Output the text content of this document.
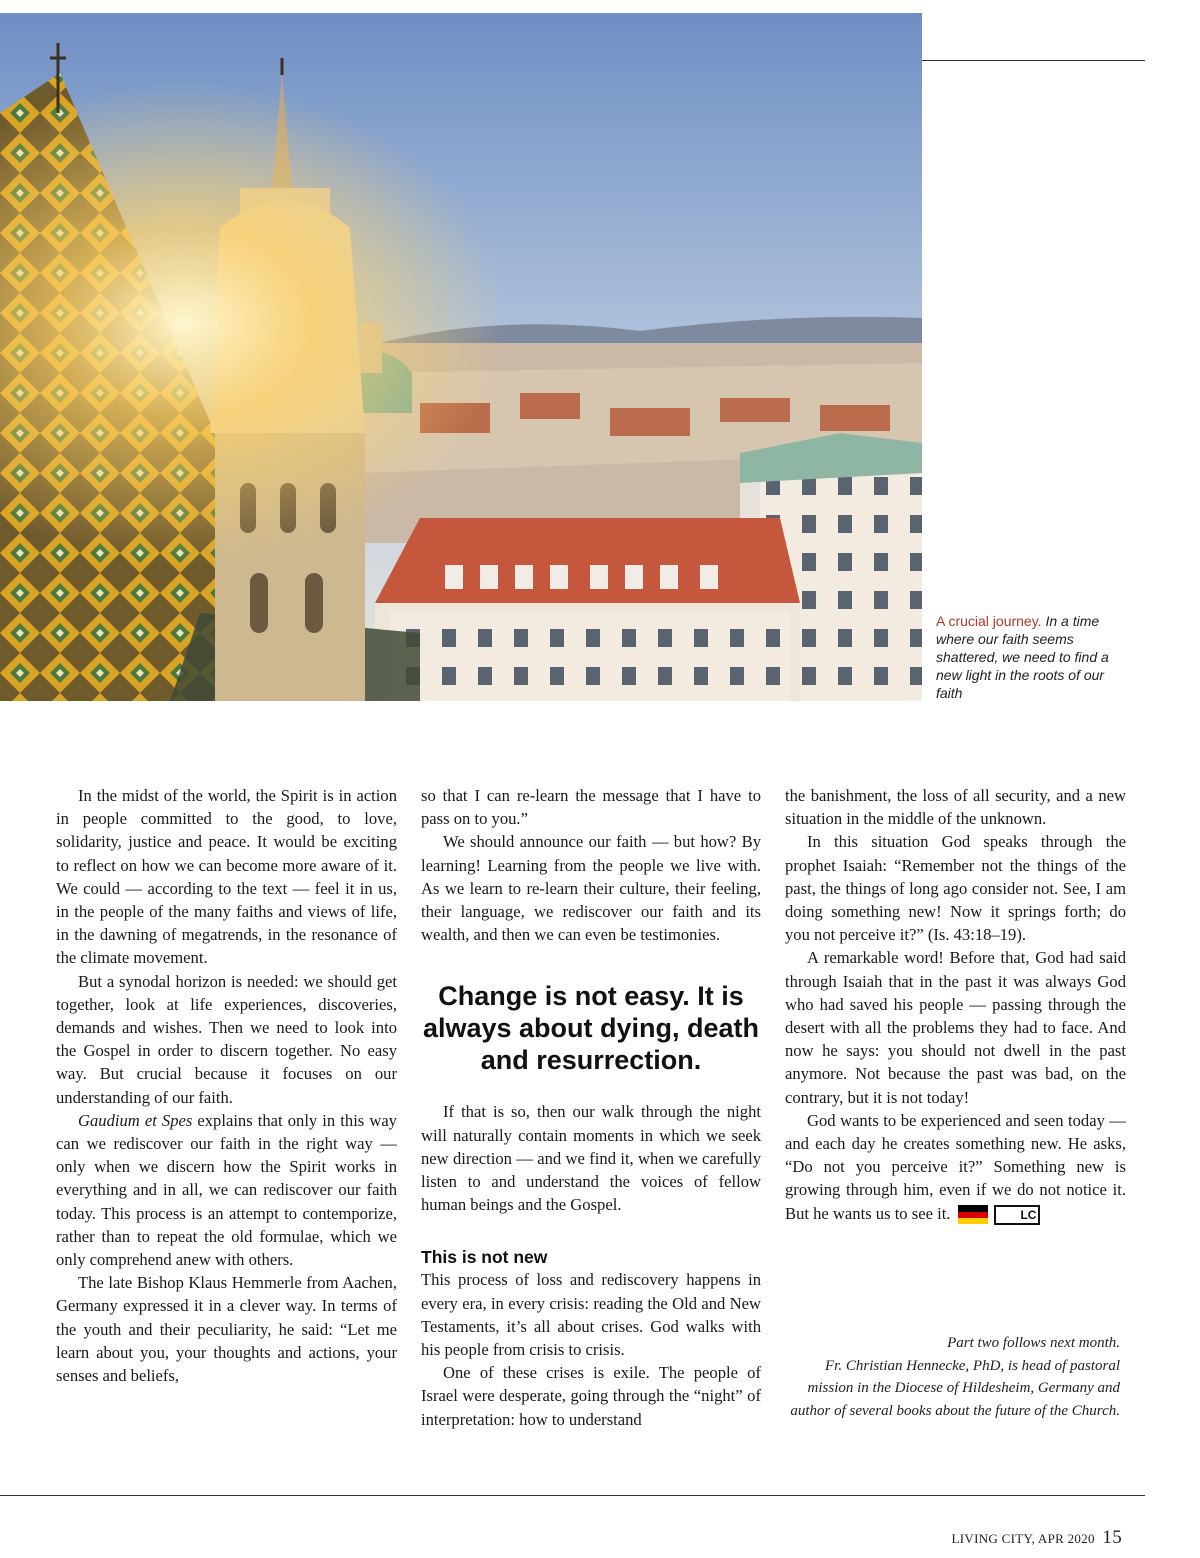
A crucial journey. In a time where our faith seems shattered, we need to find a new light in the roots of our faith

In the midst of the world, the Spirit is in action in people committed to the good, to love, solidarity, justice and peace. It would be exciting to reflect on how we can become more aware of it. We could — according to the text — feel it in us, in the people of the many faiths and views of life, in the dawning of megatrends, in the resonance of the climate movement.

But a synodal horizon is needed: we should get together, look at life experiences, discoveries, demands and wishes. Then we need to look into the Gospel in order to discern together. No easy way. But crucial because it focuses on our understanding of our faith.

Gaudium et Spes explains that only in this way can we rediscover our faith in the right way — only when we discern how the Spirit works in everything and in all, we can rediscover our faith today. This process is an attempt to contemporize, rather than to repeat the old formulae, which we only comprehend anew with others.

The late Bishop Klaus Hemmerle from Aachen, Germany expressed it in a clever way. In terms of the youth and their peculiarity, he said: “Let me learn about you, your thoughts and actions, your senses and beliefs,

so that I can re-learn the message that I have to pass on to you.”

We should announce our faith — but how? By learning! Learning from the people we live with. As we learn to re-learn their culture, their feeling, their language, we rediscover our faith and its wealth, and then we can even be testimonies.

Change is not easy. It is always about dying, death and resurrection.

If that is so, then our walk through the night will naturally contain moments in which we seek new direction — and we find it, when we carefully listen to and understand the voices of fellow human beings and the Gospel.

This is not new

This process of loss and rediscovery happens in every era, in every crisis: reading the Old and New Testaments, it’s all about crises. God walks with his people from crisis to crisis.

One of these crises is exile. The people of Israel were desperate, going through the “night” of interpretation: how to understand

the banishment, the loss of all security, and a new situation in the middle of the unknown.

In this situation God speaks through the prophet Isaiah: “Remember not the things of the past, the things of long ago consider not. See, I am doing something new! Now it springs forth; do you not perceive it?” (Is. 43:18–19).

A remarkable word! Before that, God had said through Isaiah that in the past it was always God who had saved his people — passing through the desert with all the problems they had to face. And now he says: you should not dwell in the past anymore. Not because the past was bad, on the contrary, but it is not today!

God wants to be experienced and seen today — and each day he creates something new. He asks, “Do not you perceive it?” Something new is growing through him, even if we do not notice it. But he wants us to see it.	LC

Part two follows next month.
Fr. Christian Hennecke, PhD, is head of pastoral mission in the Diocese of Hildesheim, Germany and author of several books about the future of the Church.
LIVING CITY, APR 2020 15
